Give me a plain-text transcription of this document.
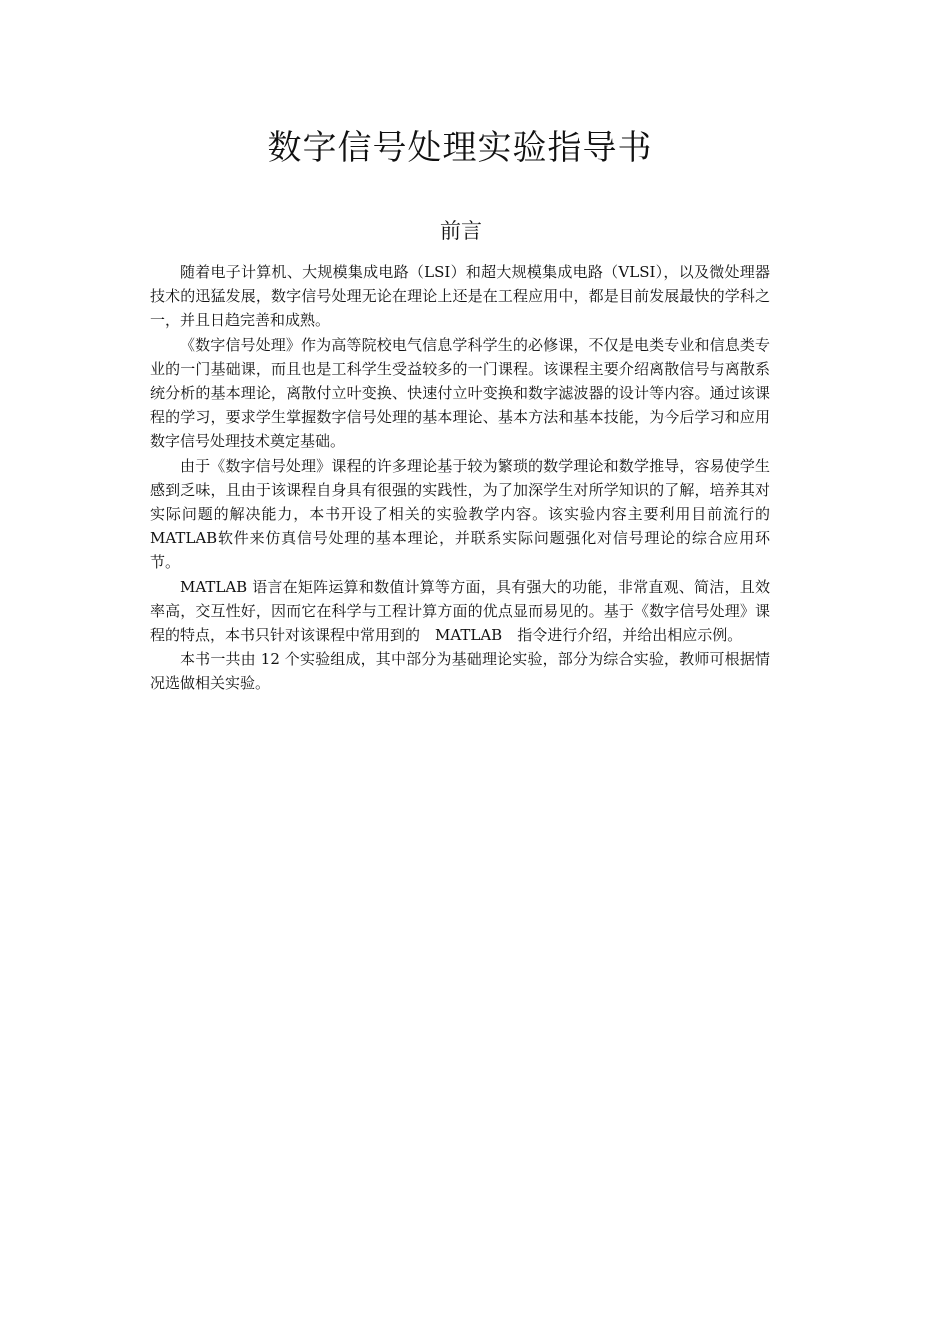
数字信号处理实验指导书
前言

随着电子计算机、大规模集成电路（LSI）和超大规模集成电路（VLSI），以及微处理器技术的迅猛发展，数字信号处理无论在理论上还是在工程应用中，都是目前发展最快的学科之一，并且日趋完善和成熟。

《数字信号处理》作为高等院校电气信息学科学生的必修课，不仅是电类专业和信息类专业的一门基础课，而且也是工科学生受益较多的一门课程。该课程主要介绍离散信号与离散系统分析的基本理论，离散付立叶变换、快速付立叶变换和数字滤波器的设计等内容。通过该课程的学习，要求学生掌握数字信号处理的基本理论、基本方法和基本技能，为今后学习和应用数字信号处理技术奠定基础。

由于《数字信号处理》课程的许多理论基于较为繁琐的数学理论和数学推导，容易使学生感到乏味，且由于该课程自身具有很强的实践性，为了加深学生对所学知识的了解，培养其对实际问题的解决能力，本书开设了相关的实验教学内容。该实验内容主要利用目前流行的MATLAB软件来仿真信号处理的基本理论，并联系实际问题强化对信号理论的综合应用环节。

MATLAB 语言在矩阵运算和数值计算等方面，具有强大的功能，非常直观、简洁，且效率高，交互性好，因而它在科学与工程计算方面的优点显而易见的。基于《数字信号处理》课程的特点，本书只针对该课程中常用到的　MATLAB　指令进行介绍，并给出相应示例。

本书一共由 12 个实验组成，其中部分为基础理论实验，部分为综合实验，教师可根据情况选做相关实验。
